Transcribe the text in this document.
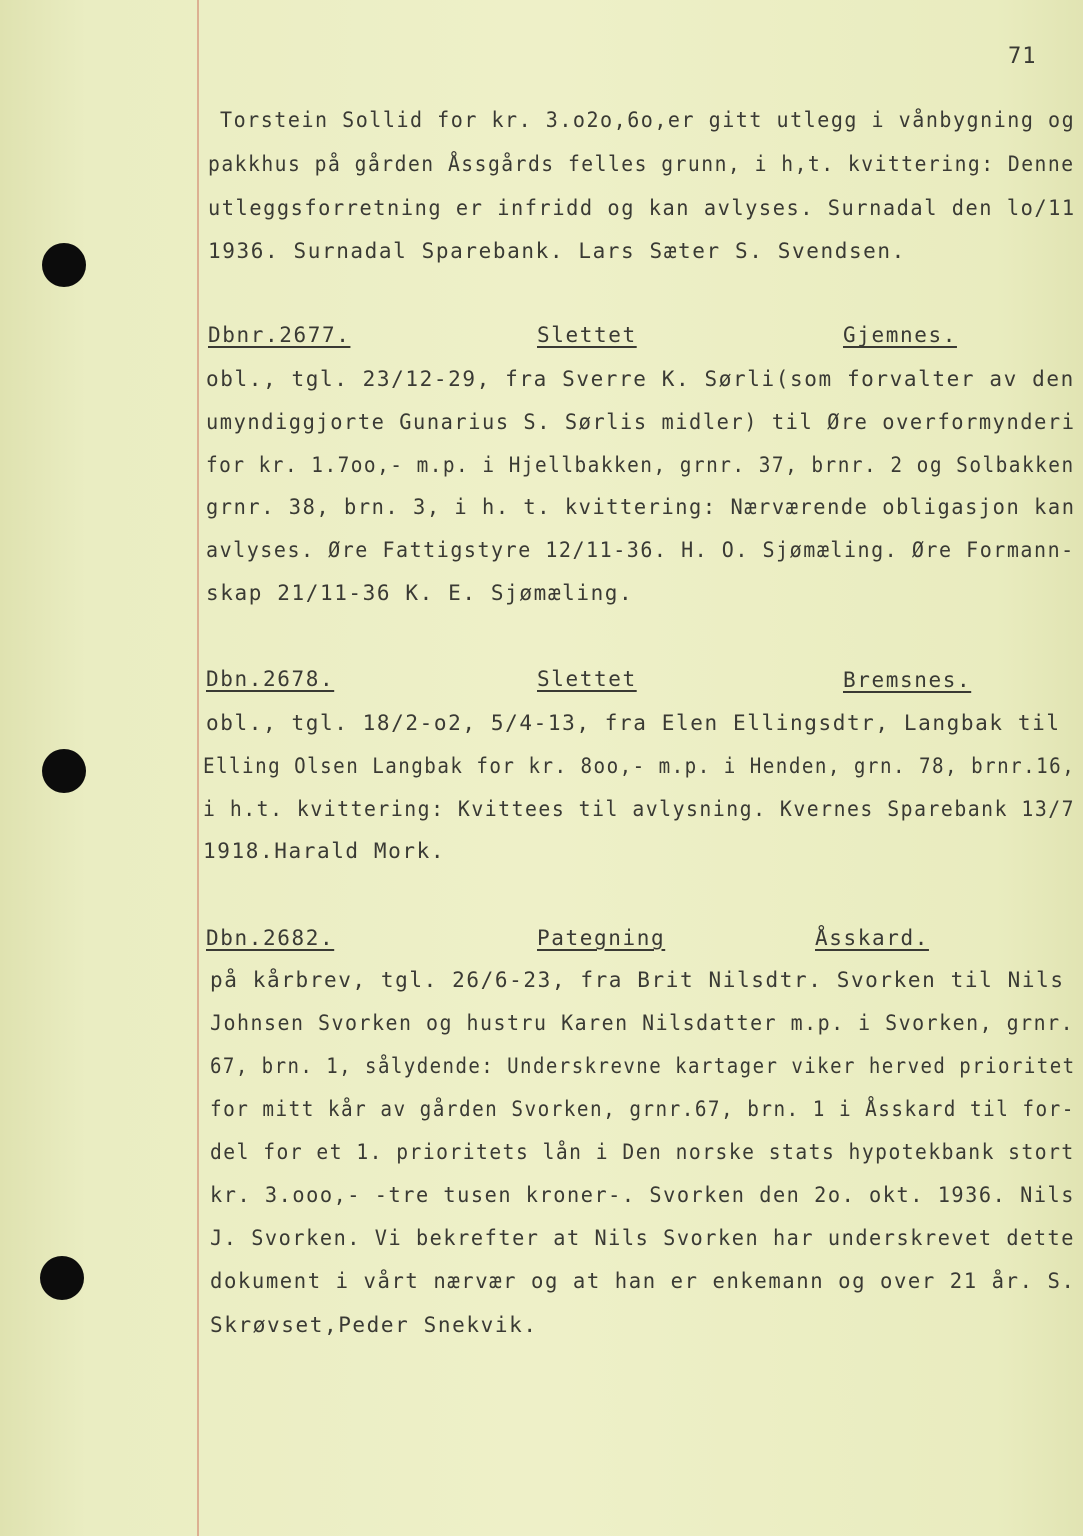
71
Torstein Sollid for kr. 3.o2o,6o,er gitt utlegg i vånbygning og
pakkhus på gården Åssgårds felles grunn, i h,t. kvittering: Denne
utleggsforretning er infridd og kan avlyses. Surnadal den lo/11
1936. Surnadal Sparebank. Lars Sæter S. Svendsen.
Dbnr.2677.	Slettet	Gjemnes.
obl., tgl. 23/12-29, fra Sverre K. Sørli(som forvalter av den
umyndiggjorte Gunarius S. Sørlis midler) til Øre overformynderi
for kr. 1.7oo,- m.p. i Hjellbakken, grnr. 37, brnr. 2 og Solbakken
grnr. 38, brn. 3, i h. t. kvittering: Nærværende obligasjon kan
avlyses. Øre Fattigstyre 12/11-36. H. O. Sjømæling. Øre Formann-
skap 21/11-36 K. E. Sjømæling.
Dbn.2678.	Slettet	Bremsnes.
obl., tgl. 18/2-o2, 5/4-13, fra Elen Ellingsdtr, Langbak til
Elling Olsen Langbak for kr. 8oo,- m.p. i Henden, grn. 78, brnr.16,
i h.t. kvittering: Kvittees til avlysning. Kvernes Sparebank 13/7
1918.Harald Mork.
Dbn.2682.	Pategning	Åsskard.
på kårbrev, tgl. 26/6-23, fra Brit Nilsdtr. Svorken til Nils
Johnsen Svorken og hustru Karen Nilsdatter m.p. i Svorken, grnr.
67, brn. 1, sålydende: Underskrevne kartager viker herved prioritet
for mitt kår av gården Svorken, grnr.67, brn. 1 i Åsskard til for-
del for et 1. prioritets lån i Den norske stats hypotekbank stort
kr. 3.ooo,- -tre tusen kroner-. Svorken den 2o. okt. 1936. Nils
J. Svorken. Vi bekrefter at Nils Svorken har underskrevet dette
dokument i vårt nærvær og at han er enkemann og over 21 år. S.
Skrøvset,Peder Snekvik.
